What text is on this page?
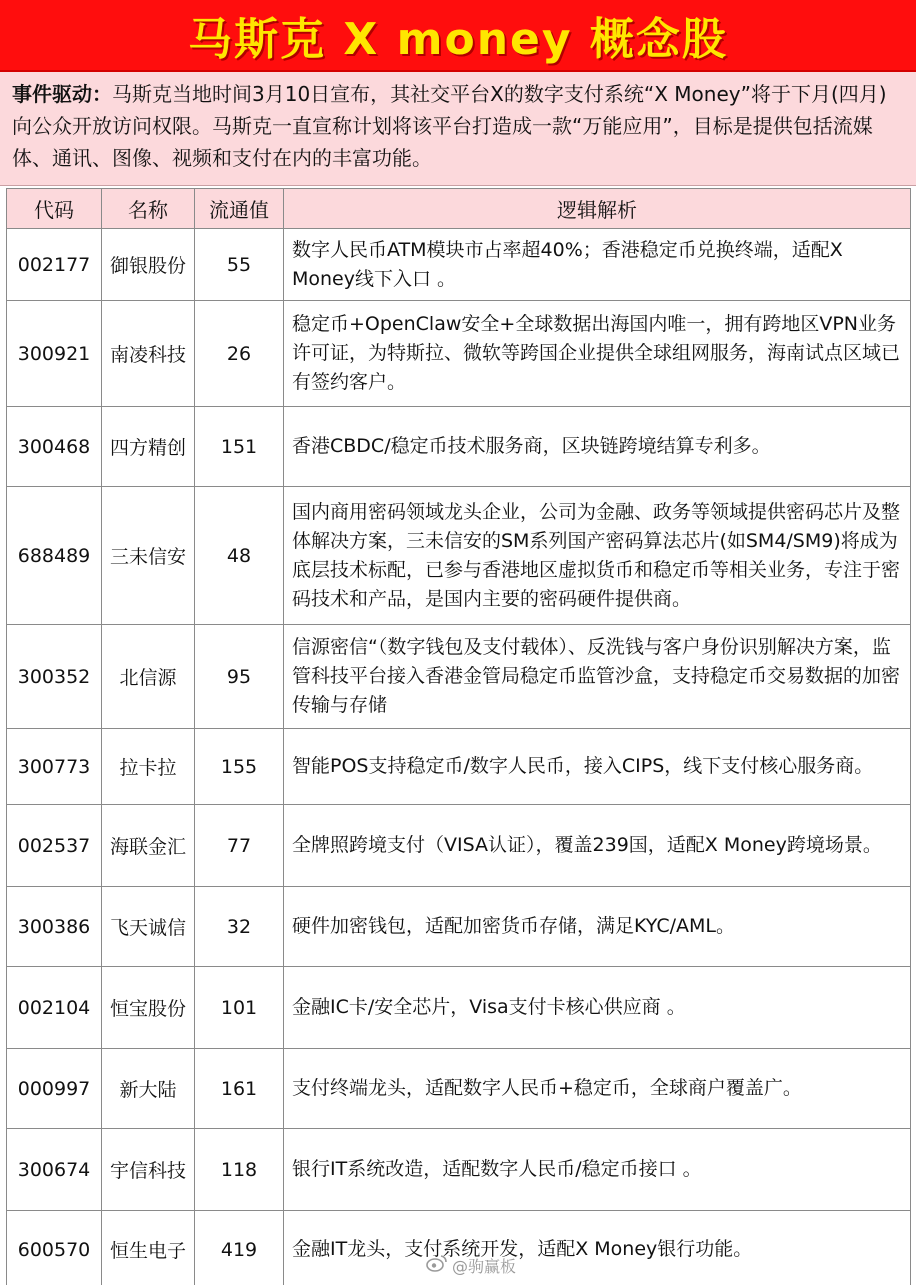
马斯克 X money 概念股

事件驱动：马斯克当地时间3月10日宣布，其社交平台X的数字支付系统“X Money”将于下月(四月)向公众开放访问权限。马斯克一直宣称计划将该平台打造成一款“万能应用”，目标是提供包括流媒体、通讯、图像、视频和支付在内的丰富功能。

代码	名称	流通值	逻辑解析
002177	御银股份	55	数字人民币ATM模块市占率超40%；香港稳定币兑换终端，适配X Money线下入口 。
300921	南凌科技	26	稳定币+OpenClaw安全+全球数据出海国内唯一，拥有跨地区VPN业务许可证，为特斯拉、微软等跨国企业提供全球组网服务，海南试点区域已有签约客户。
300468	四方精创	151	香港CBDC/稳定币技术服务商，区块链跨境结算专利多。
688489	三未信安	48	国内商用密码领域龙头企业，公司为金融、政务等领域提供密码芯片及整体解决方案，三未信安的SM系列国产密码算法芯片(如SM4/SM9)将成为底层技术标配，已参与香港地区虚拟货币和稳定币等相关业务，专注于密码技术和产品，是国内主要的密码硬件提供商。
300352	北信源	95	信源密信“（数字钱包及支付载体）、反洗钱与客户身份识别解决方案，监管科技平台接入香港金管局稳定币监管沙盒，支持稳定币交易数据的加密传输与存储
300773	拉卡拉	155	智能POS支持稳定币/数字人民币，接入CIPS，线下支付核心服务商。
002537	海联金汇	77	全牌照跨境支付（VISA认证），覆盖239国，适配X Money跨境场景。
300386	飞天诚信	32	硬件加密钱包，适配加密货币存储，满足KYC/AML。
002104	恒宝股份	101	金融IC卡/安全芯片，Visa支付卡核心供应商 。
000997	新大陆	161	支付终端龙头，适配数字人民币+稳定币，全球商户覆盖广。
300674	宇信科技	118	银行IT系统改造，适配数字人民币/稳定币接口 。
600570	恒生电子	419	金融IT龙头，支付系统开发，适配X Money银行功能。
@驹赢板
